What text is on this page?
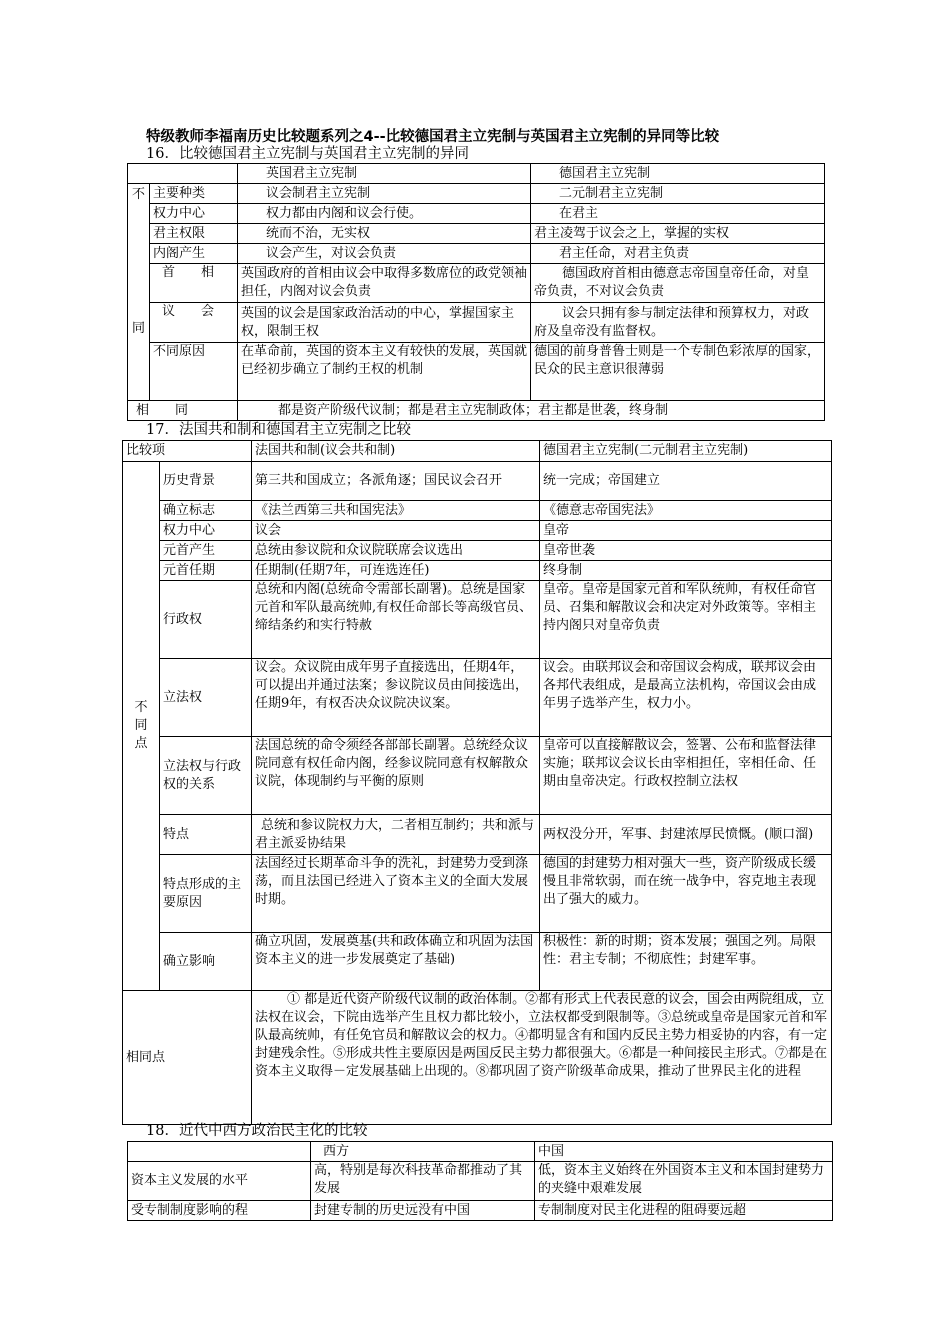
特级教师李福南历史比较题系列之4--比较德国君主立宪制与英国君主立宪制的异同等比较
16．比较德国君主立宪制与英国君主立宪制的异同
		英国君主立宪制	德国君主立宪制

不
同	主要种类	议会制君主立宪制	二元制君主立宪制
	权力中心	权力都由内阁和议会行使。	在君主
	君主权限	统而不治，无实权	君主凌驾于议会之上，掌握的实权
	内阁产生	议会产生，对议会负责	君主任命，对君主负责
	首　　相	英国政府的首相由议会中取得多数席位的政党领袖担任，内阁对议会负责	德国政府首相由德意志帝国皇帝任命，对皇帝负责，不对议会负责
	议　　会	英国的议会是国家政治活动的中心，掌握国家主权，限制王权	议会只拥有参与制定法律和预算权力，对政府及皇帝没有监督权。
	不同原因	在革命前，英国的资本主义有较快的发展，英国就已经初步确立了制约王权的机制	德国的前身普鲁士则是一个专制色彩浓厚的国家，民众的民主意识很薄弱
相　　同		都是资产阶级代议制；都是君主立宪制政体；君主都是世袭，终身制	
17．法国共和制和德国君主立宪制之比较
比较项		法国共和制(议会共和制)	德国君主立宪制(二元制君主立宪制)

不
同
点	历史背景	第三共和国成立；各派角逐；国民议会召开	统一完成；帝国建立
	确立标志	《法兰西第三共和国宪法》	《德意志帝国宪法》
	权力中心	议会	皇帝
	元首产生	总统由参议院和众议院联席会议选出	皇帝世袭
	元首任期	任期制(任期7年，可连选连任)	终身制
	行政权	总统和内阁(总统命令需部长副署)。总统是国家元首和军队最高统帅,有权任命部长等高级官员、缔结条约和实行特赦	皇帝。皇帝是国家元首和军队统帅，有权任命官员、召集和解散议会和决定对外政策等。宰相主持内阁只对皇帝负责
	立法权	议会。众议院由成年男子直接选出，任期4年，可以提出并通过法案；参议院议员由间接选出，任期9年，有权否决众议院决议案。	议会。由联邦议会和帝国议会构成，联邦议会由各邦代表组成，是最高立法机构，帝国议会由成年男子选举产生，权力小。
	立法权与行政权的关系	法国总统的命令须经各部部长副署。总统经众议院同意有权任命内阁，经参议院同意有权解散众议院，体现制约与平衡的原则	皇帝可以直接解散议会，签署、公布和监督法律实施；联邦议会议长由宰相担任，宰相任命、任期由皇帝决定。行政权控制立法权
	特点	总统和参议院权力大，二者相互制约；共和派与君主派妥协结果	两权没分开，军事、封建浓厚民愤慨。(顺口溜)
	特点形成的主要原因	法国经过长期革命斗争的洗礼，封建势力受到涤荡，而且法国已经进入了资本主义的全面大发展时期。	德国的封建势力相对强大一些，资产阶级成长缓慢且非常软弱，而在统一战争中，容克地主表现出了强大的威力。
	确立影响	确立巩固，发展奠基(共和政体确立和巩固为法国资本主义的进一步发展奠定了基础)	积极性：新的时期；资本发展；强国之列。局限性：君主专制；不彻底性；封建军事。
相同点		① 都是近代资产阶级代议制的政治体制。②都有形式上代表民意的议会，国会由两院组成，立法权在议会，下院由选举产生且权力都比较小，立法权都受到限制等。③总统或皇帝是国家元首和军队最高统帅，有任免官员和解散议会的权力。④都明显含有和国内反民主势力相妥协的内容，有一定封建残余性。⑤形成共性主要原因是两国反民主势力都很强大。⑥都是一种间接民主形式。⑦都是在资本主义取得－定发展基础上出现的。⑧都巩固了资产阶级革命成果，推动了世界民主化的进程	
18．近代中西方政治民主化的比较
	西方	中国
资本主义发展的水平	高，特别是每次科技革命都推动了其发展	低，资本主义始终在外国资本主义和本国封建势力的夹缝中艰难发展
受专制制度影响的程	封建专制的历史远没有中国	专制制度对民主化进程的阻碍要远超
